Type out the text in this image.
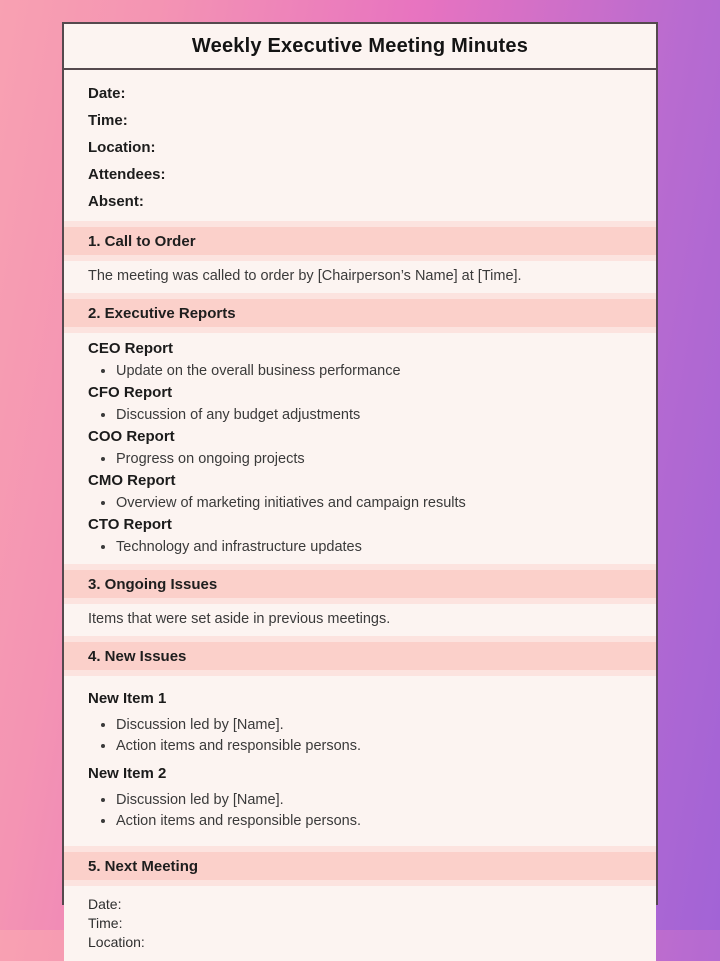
Weekly Executive Meeting Minutes
Date:
Time:
Location:
Attendees:
Absent:
1. Call to Order
The meeting was called to order by [Chairperson’s Name] at [Time].
2. Executive Reports
CEO Report
• Update on the overall business performance
CFO Report
• Discussion of any budget adjustments
COO Report
• Progress on ongoing projects
CMO Report
• Overview of marketing initiatives and campaign results
CTO Report
• Technology and infrastructure updates
3. Ongoing Issues
Items that were set aside in previous meetings.
4. New Issues
New Item 1
• Discussion led by [Name].
• Action items and responsible persons.
New Item 2
• Discussion led by [Name].
• Action items and responsible persons.
5. Next Meeting
Date:
Time:
Location:
